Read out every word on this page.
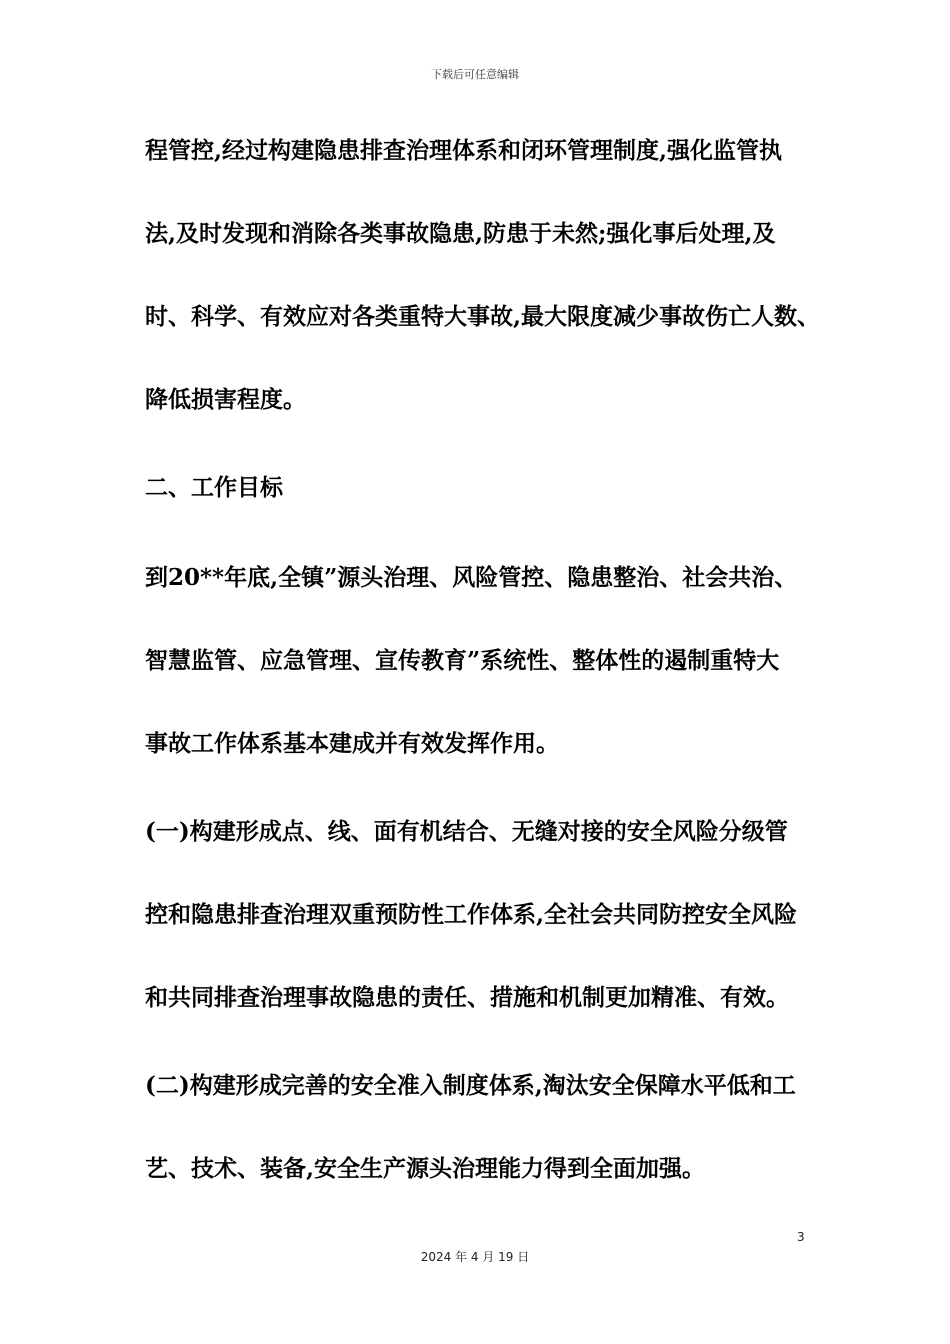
下载后可任意编辑
程管控,经过构建隐患排查治理体系和闭环管理制度,强化监管执
法,及时发现和消除各类事故隐患,防患于未然;强化事后处理,及
时、科学、有效应对各类重特大事故,最大限度减少事故伤亡人数、
降低损害程度。
二、工作目标
到20**年底,全镇”源头治理、风险管控、隐患整治、社会共治、
智慧监管、应急管理、宣传教育”系统性、整体性的遏制重特大
事故工作体系基本建成并有效发挥作用。
(一)构建形成点、线、面有机结合、无缝对接的安全风险分级管
控和隐患排查治理双重预防性工作体系,全社会共同防控安全风险
和共同排查治理事故隐患的责任、措施和机制更加精准、有效。
(二)构建形成完善的安全准入制度体系,淘汰安全保障水平低和工
艺、技术、装备,安全生产源头治理能力得到全面加强。
3
2024 年 4 月 19 日
